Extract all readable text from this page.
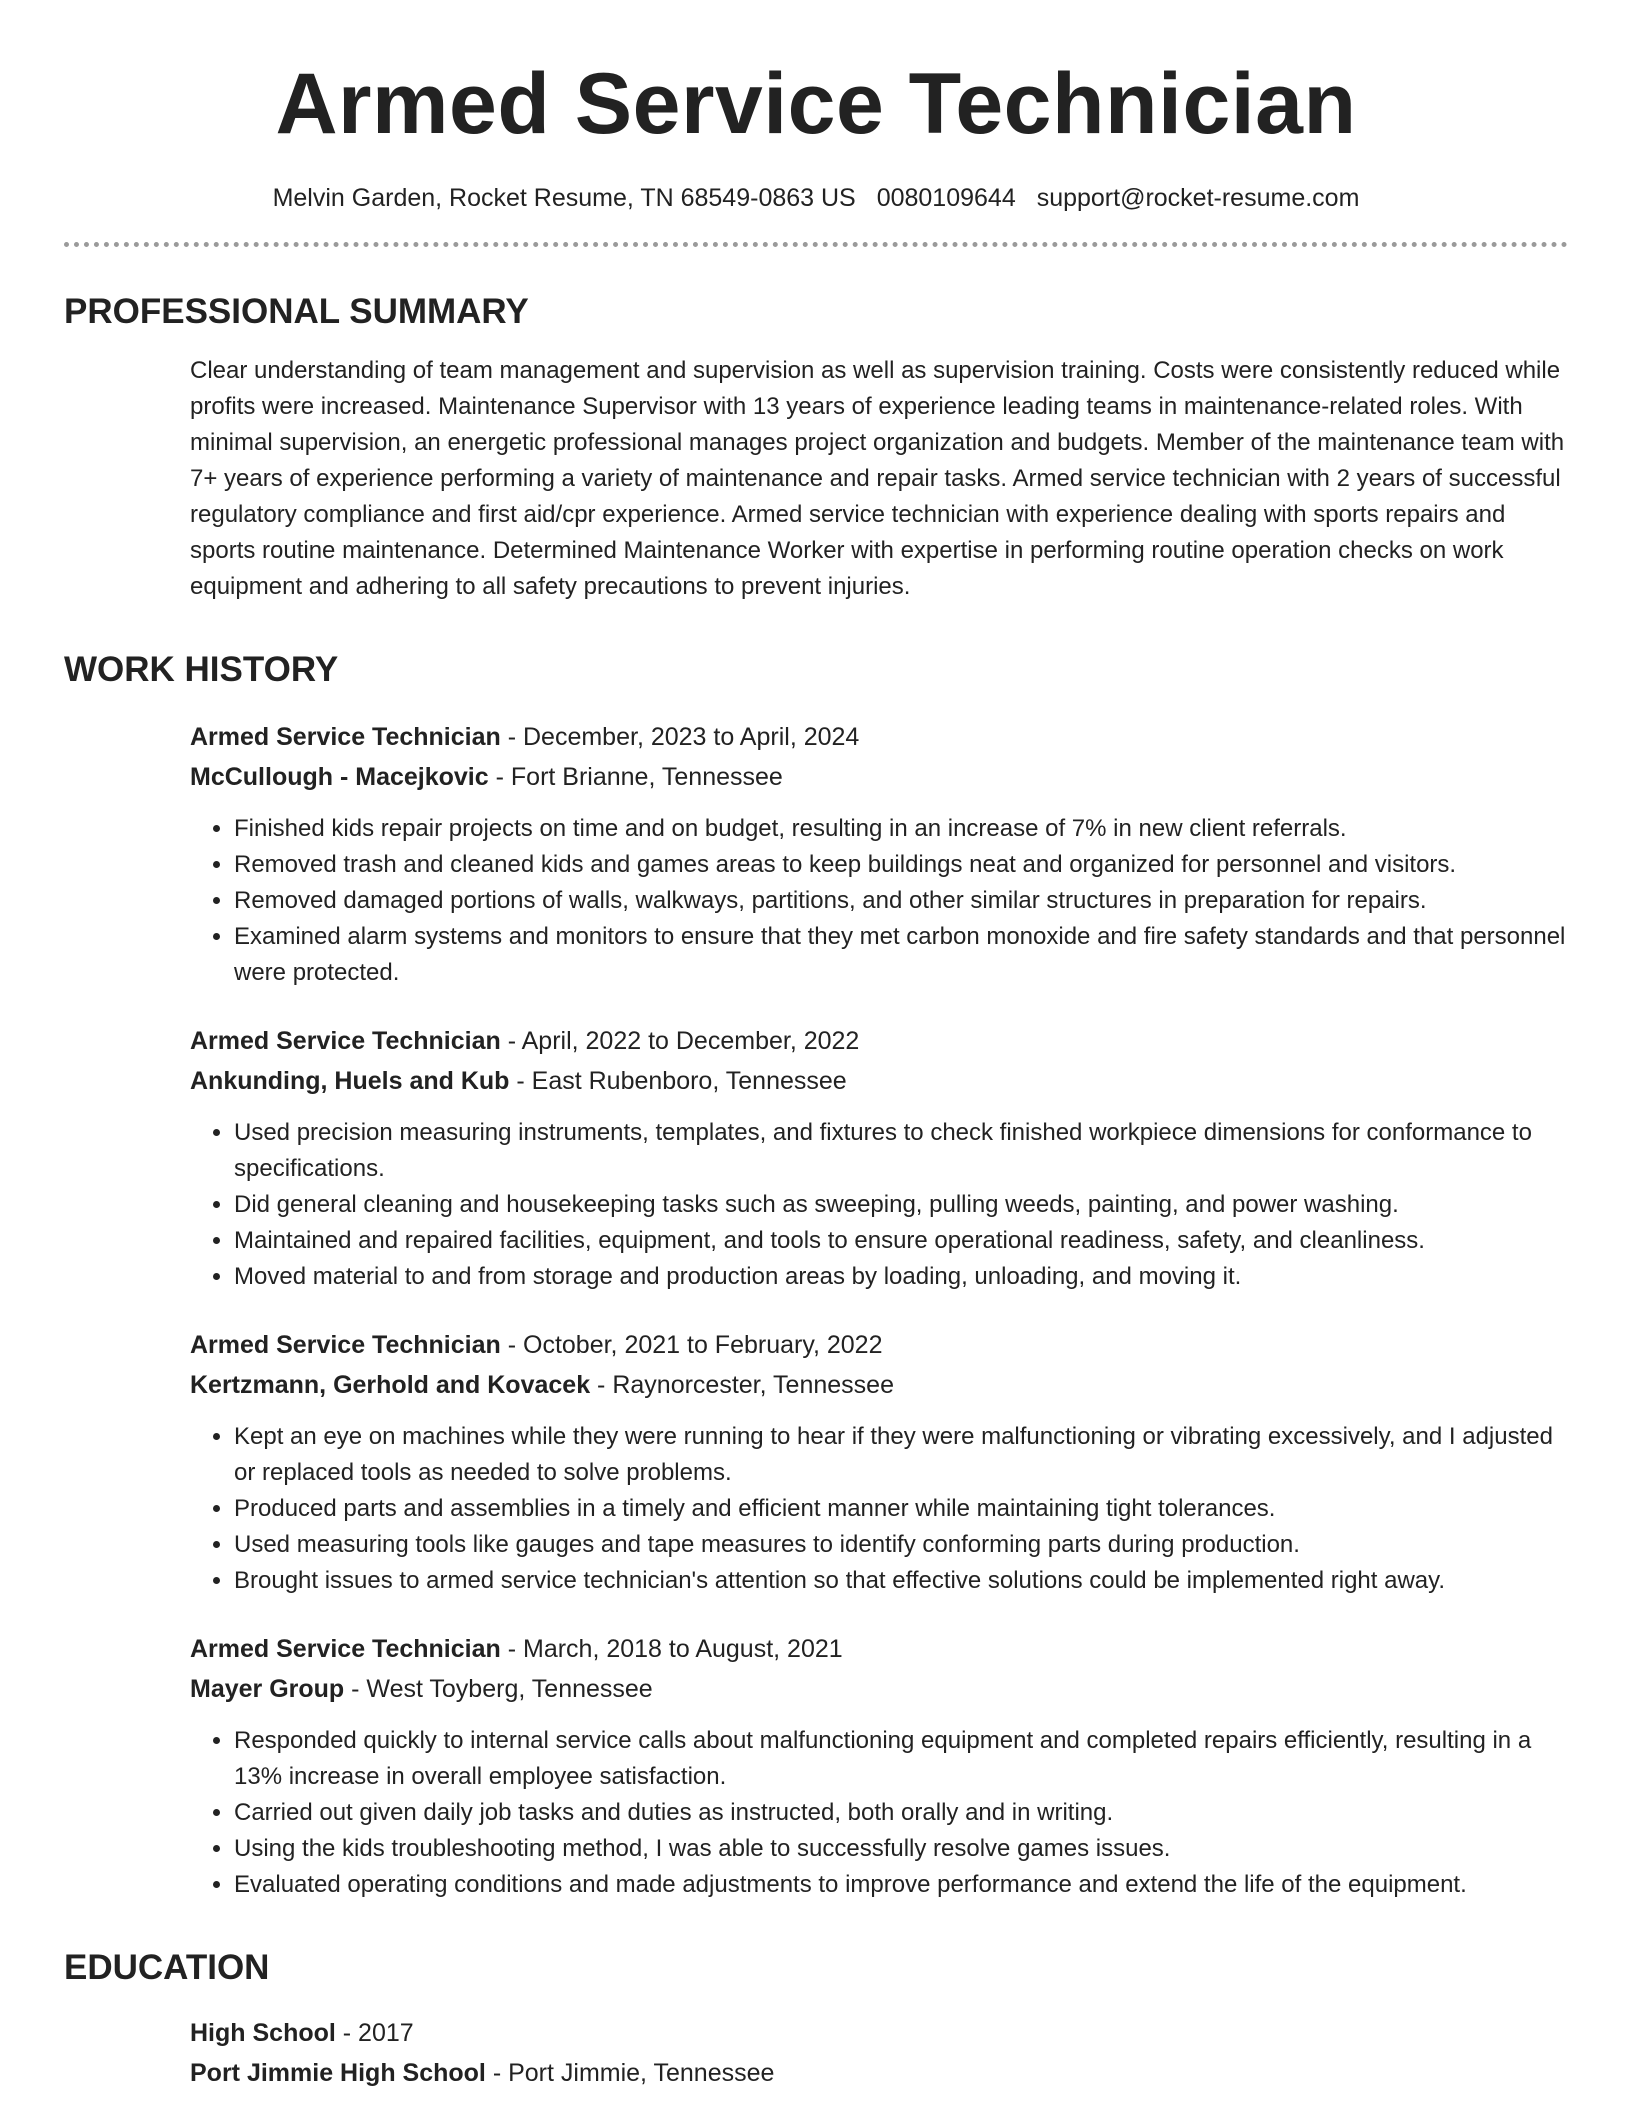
Armed Service Technician
Melvin Garden, Rocket Resume, TN 68549-0863 US 0080109644 support@rocket-resume.com
PROFESSIONAL SUMMARY

Clear understanding of team management and supervision as well as supervision training. Costs were consistently reduced while profits were increased. Maintenance Supervisor with 13 years of experience leading teams in maintenance-related roles. With minimal supervision, an energetic professional manages project organization and budgets. Member of the maintenance team with 7+ years of experience performing a variety of maintenance and repair tasks. Armed service technician with 2 years of successful regulatory compliance and first aid/cpr experience. Armed service technician with experience dealing with sports repairs and sports routine maintenance. Determined Maintenance Worker with expertise in performing routine operation checks on work equipment and adhering to all safety precautions to prevent injuries.

WORK HISTORY
Armed Service Technician - December, 2023 to April, 2024
McCullough - Macejkovic - Fort Brianne, Tennessee
• Finished kids repair projects on time and on budget, resulting in an increase of 7% in new client referrals.
• Removed trash and cleaned kids and games areas to keep buildings neat and organized for personnel and visitors.
• Removed damaged portions of walls, walkways, partitions, and other similar structures in preparation for repairs.
• Examined alarm systems and monitors to ensure that they met carbon monoxide and fire safety standards and that personnel were protected.
Armed Service Technician - April, 2022 to December, 2022
Ankunding, Huels and Kub - East Rubenboro, Tennessee
• Used precision measuring instruments, templates, and fixtures to check finished workpiece dimensions for conformance to specifications.
• Did general cleaning and housekeeping tasks such as sweeping, pulling weeds, painting, and power washing.
• Maintained and repaired facilities, equipment, and tools to ensure operational readiness, safety, and cleanliness.
• Moved material to and from storage and production areas by loading, unloading, and moving it.
Armed Service Technician - October, 2021 to February, 2022
Kertzmann, Gerhold and Kovacek - Raynorcester, Tennessee
• Kept an eye on machines while they were running to hear if they were malfunctioning or vibrating excessively, and I adjusted or replaced tools as needed to solve problems.
• Produced parts and assemblies in a timely and efficient manner while maintaining tight tolerances.
• Used measuring tools like gauges and tape measures to identify conforming parts during production.
• Brought issues to armed service technician's attention so that effective solutions could be implemented right away.
Armed Service Technician - March, 2018 to August, 2021
Mayer Group - West Toyberg, Tennessee
• Responded quickly to internal service calls about malfunctioning equipment and completed repairs efficiently, resulting in a 13% increase in overall employee satisfaction.
• Carried out given daily job tasks and duties as instructed, both orally and in writing.
• Using the kids troubleshooting method, I was able to successfully resolve games issues.
• Evaluated operating conditions and made adjustments to improve performance and extend the life of the equipment.
EDUCATION
High School - 2017
Port Jimmie High School - Port Jimmie, Tennessee
